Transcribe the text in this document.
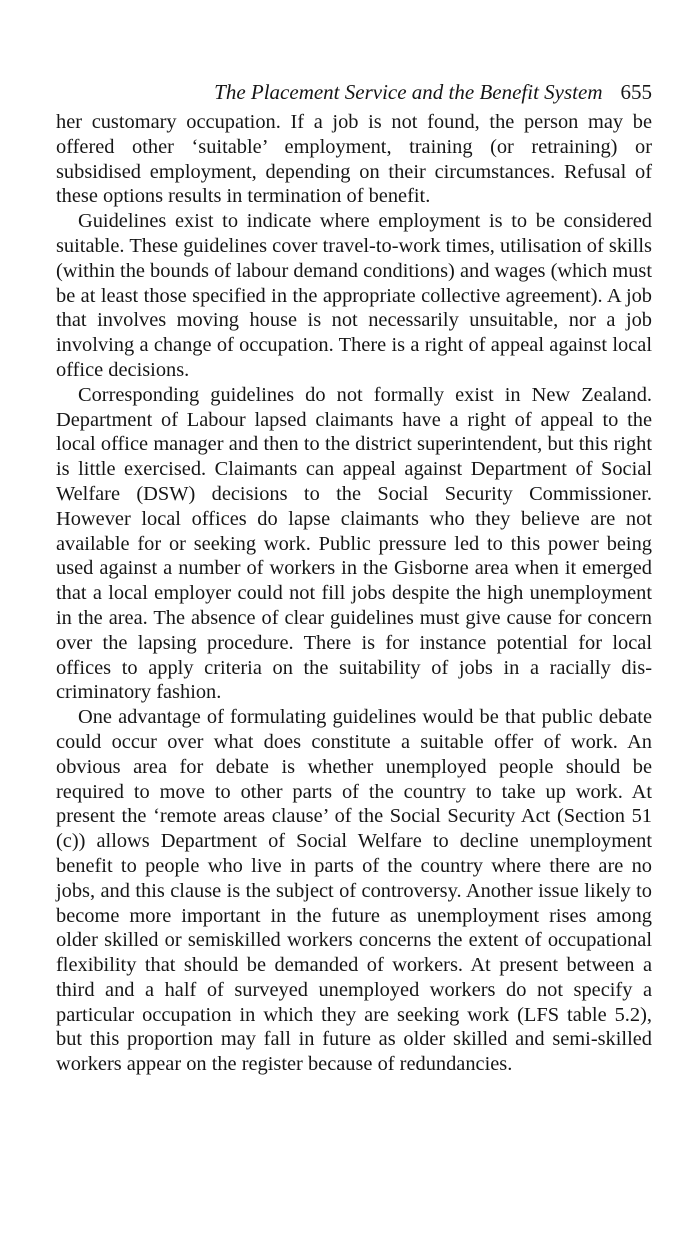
The Placement Service and the Benefit System 655

her customary occupation. If a job is not found, the person may be offered other ‘suitable’ employment, training (or retraining) or subsidised employment, depending on their circumstances. Refusal of these options results in termination of benefit.

Guidelines exist to indicate where employment is to be considered suitable. These guidelines cover travel-to-work times, utilisation of skills (within the bounds of labour demand conditions) and wages (which must be at least those specified in the appropriate collective agreement). A job that involves moving house is not necessarily unsuitable, nor a job involving a change of occupation. There is a right of appeal against local office decisions.

Corresponding guidelines do not formally exist in New Zealand. Department of Labour lapsed claimants have a right of appeal to the local office manager and then to the district superintendent, but this right is little exercised. Claimants can appeal against Department of Social Welfare (DSW) decisions to the Social Security Commissioner. However local offices do lapse claimants who they believe are not available for or seeking work. Public pressure led to this power being used against a number of workers in the Gisborne area when it emerged that a local employer could not fill jobs despite the high unemployment in the area. The absence of clear guidelines must give cause for concern over the lapsing procedure. There is for instance potential for local offices to apply criteria on the suitability of jobs in a racially discriminatory fashion.

One advantage of formulating guidelines would be that public debate could occur over what does constitute a suitable offer of work. An obvious area for debate is whether unemployed people should be required to move to other parts of the country to take up work. At present the ‘remote areas clause’ of the Social Security Act (Section 51 (c)) allows Department of Social Welfare to decline unemployment benefit to people who live in parts of the country where there are no jobs, and this clause is the subject of controversy. Another issue likely to become more important in the future as unemployment rises among older skilled or semiskilled workers concerns the extent of occupational flexibility that should be demanded of workers. At present between a third and a half of surveyed unemployed workers do not specify a particular occupation in which they are seeking work (LFS table 5.2), but this proportion may fall in future as older skilled and semi-skilled workers appear on the register because of redundancies.
